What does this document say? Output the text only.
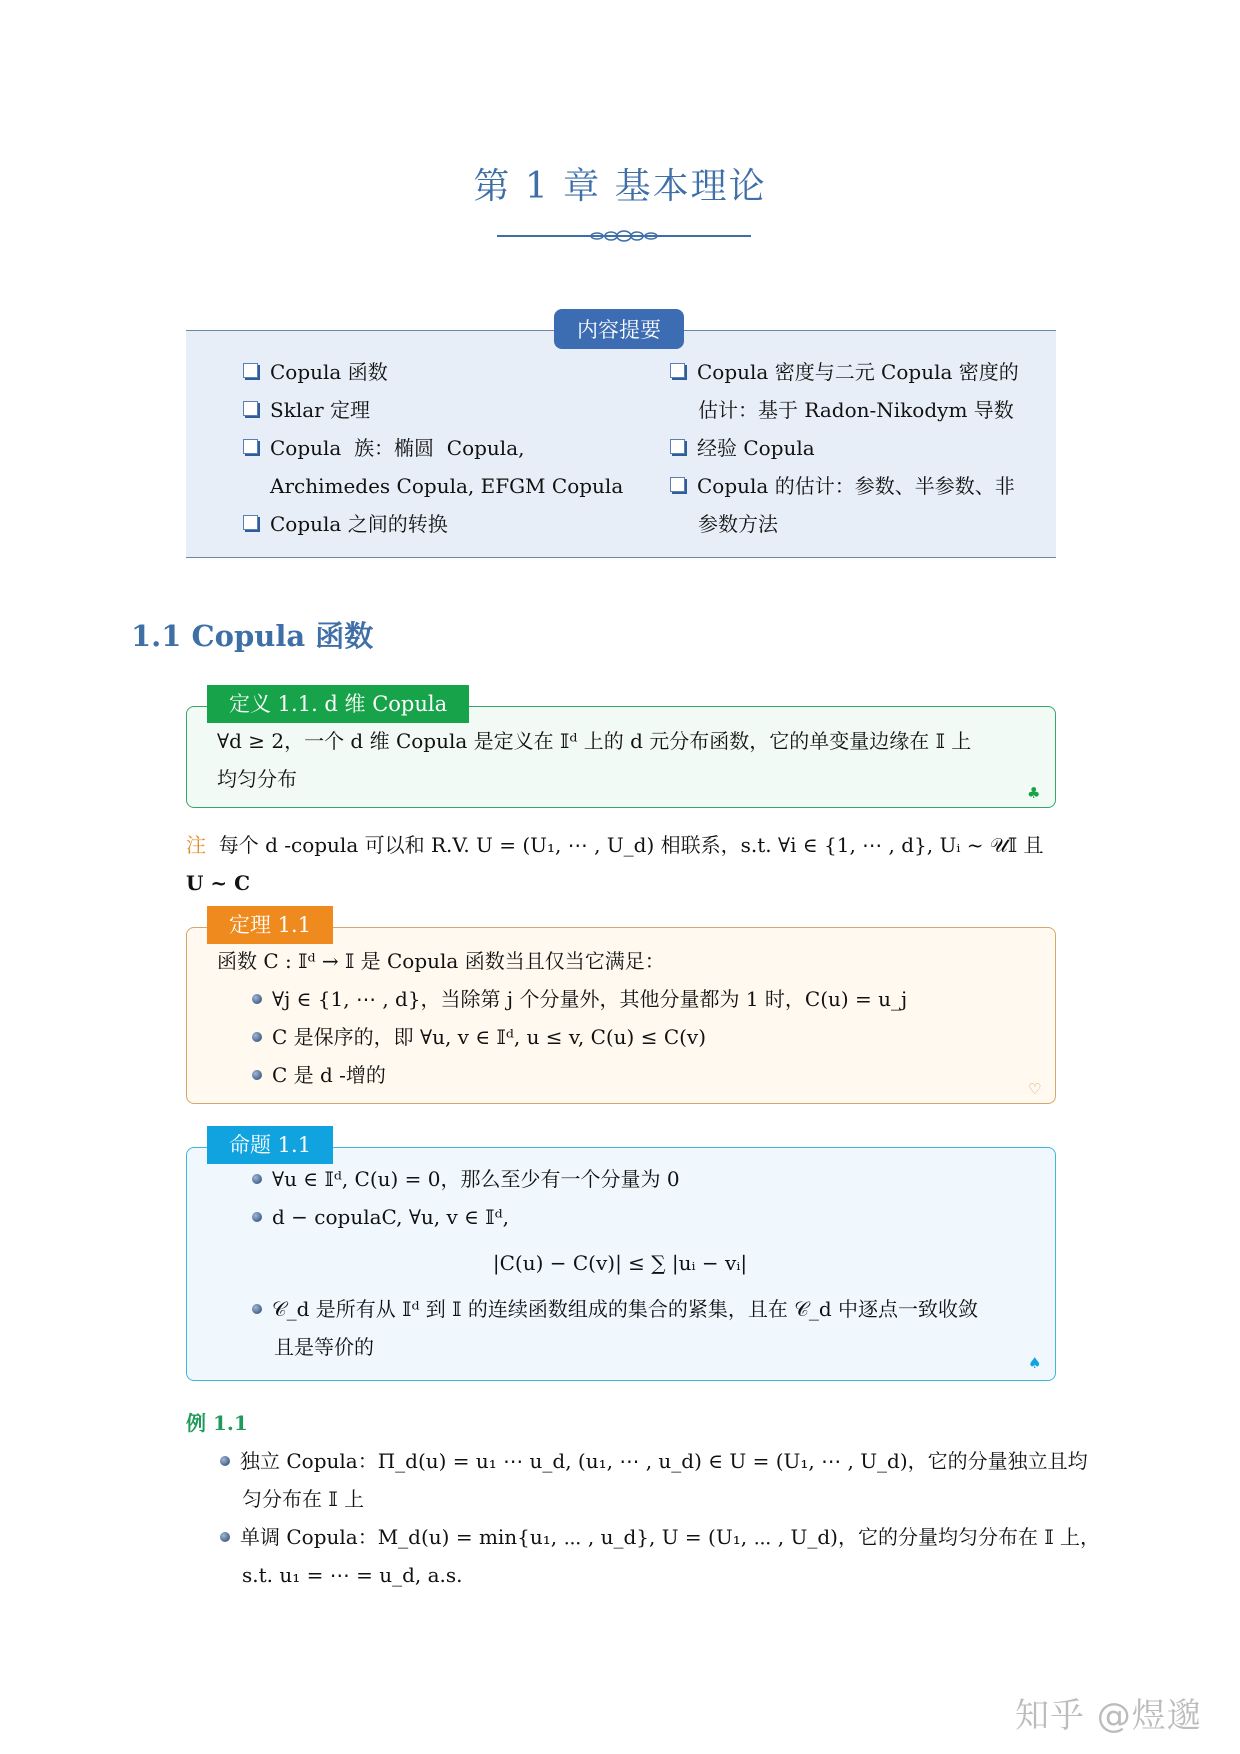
第 1 章 基本理论
内容提要
Copula 函数
Sklar 定理
Copula  族：椭圆  Copula,
Archimedes Copula, EFGM Copula
Copula 之间的转换
Copula 密度与二元 Copula 密度的
估计：基于 Radon-Nikodym 导数
经验 Copula
Copula 的估计：参数、半参数、非
参数方法
1.1 Copula 函数
定义 1.1. d 维 Copula
∀d ≥ 2，一个 d 维 Copula 是定义在 𝕀ᵈ 上的 d 元分布函数，它的单变量边缘在 𝕀 上
均匀分布
♣
注 每个 d -copula 可以和 R.V. U = (U₁, ⋯ , U_d) 相联系，s.t. ∀i ∈ {1, ⋯ , d}, Uᵢ ~ 𝒰𝕀 且
U ~ C
定理 1.1
函数 C : 𝕀ᵈ → 𝕀 是 Copula 函数当且仅当它满足：
∀j ∈ {1, ⋯ , d}，当除第 j 个分量外，其他分量都为 1 时，C(u) = u_j
C 是保序的，即 ∀u, v ∈ 𝕀ᵈ, u ≤ v, C(u) ≤ C(v)
C 是 d -增的
♡
命题 1.1
∀u ∈ 𝕀ᵈ, C(u) = 0，那么至少有一个分量为 0
d − copulaC, ∀u, v ∈ 𝕀ᵈ,
|C(u) − C(v)| ≤ ∑ |uᵢ − vᵢ|
𝒞_d 是所有从 𝕀ᵈ 到 𝕀 的连续函数组成的集合的紧集，且在 𝒞_d 中逐点一致收敛
且是等价的
♠
例 1.1
独立 Copula：Π_d(u) = u₁ ⋯ u_d, (u₁, ⋯ , u_d) ∈ U = (U₁, ⋯ , U_d)，它的分量独立且均
匀分布在 𝕀 上
单调 Copula：M_d(u) = min{u₁, ⋯ , u_d}, U = (U₁, ⋯ , U_d)，它的分量均匀分布在 𝕀 上，
s.t. u₁ = ⋯ = u_d, a.s.
知乎 @煜邈
